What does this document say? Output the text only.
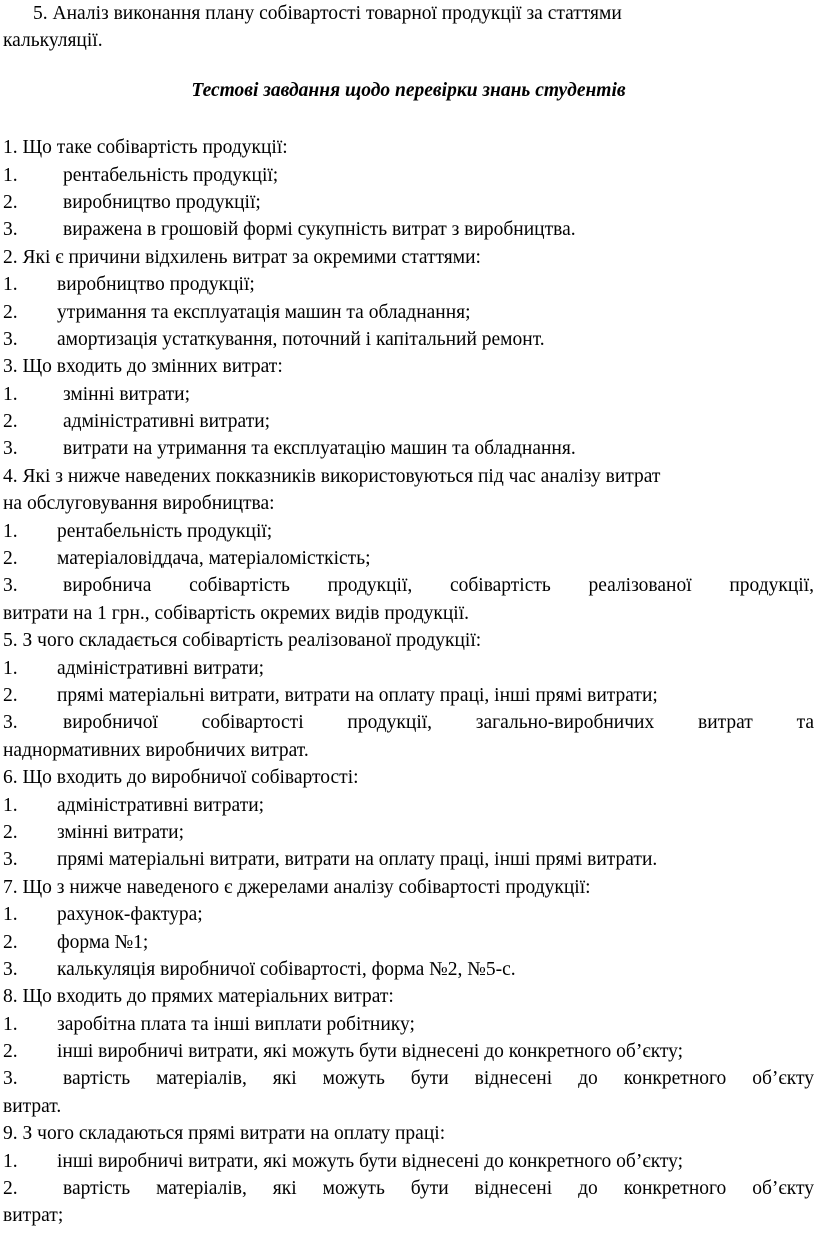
5. Аналіз виконання плану собівартості товарної продукції за статтями
калькуляції.
Тестові завдання щодо перевірки знань студентів
1. Що таке собівартість продукції:
1.	рентабельність продукції;
2.	виробництво продукції;
3.	виражена в грошовій формі сукупність витрат з виробництва.
2. Які є причини відхилень витрат за окремими статтями:
1.	виробництво продукції;
2.	утримання та експлуатація машин та обладнання;
3.	амортизація устаткування, поточний і капітальний ремонт.
3. Що входить до змінних витрат:
1.	змінні витрати;
2.	адміністративні витрати;
3.	витрати на утримання та експлуатацію машин та обладнання.
4. Які з нижче наведених покказників використовуються під час аналізу витрат
на обслуговування виробництва:
1.	рентабельність продукції;
2.	матеріаловіддача, матеріаломісткість;
3.	виробнича собівартість продукції, собівартість реалізованої продукції,
витрати на 1 грн., собівартість окремих видів продукції.
5. З чого складається собівартість реалізованої продукції:
1.	адміністративні витрати;
2.	прямі матеріальні витрати, витрати на оплату праці, інші прямі витрати;
3.	виробничої собівартості продукції, загально-виробничих витрат та
наднормативних виробничих витрат.
6. Що входить до виробничої собівартості:
1.	адміністративні витрати;
2.	змінні витрати;
3.	прямі матеріальні витрати, витрати на оплату праці, інші прямі витрати.
7. Що з нижче наведеного є джерелами аналізу собівартості продукції:
1.	рахунок-фактура;
2.	форма №1;
3.	калькуляція виробничої собівартості, форма №2, №5-с.
8. Що входить до прямих матеріальних витрат:
1.	заробітна плата та інші виплати робітнику;
2.	інші виробничі витрати, які можуть бути віднесені до конкретного об’єкту;
3.	вартість матеріалів, які можуть бути віднесені до конкретного об’єкту
витрат.
9. З чого складаються прямі витрати на оплату праці:
1.	інші виробничі витрати, які можуть бути віднесені до конкретного об’єкту;
2.	вартість матеріалів, які можуть бути віднесені до конкретного об’єкту
витрат;
